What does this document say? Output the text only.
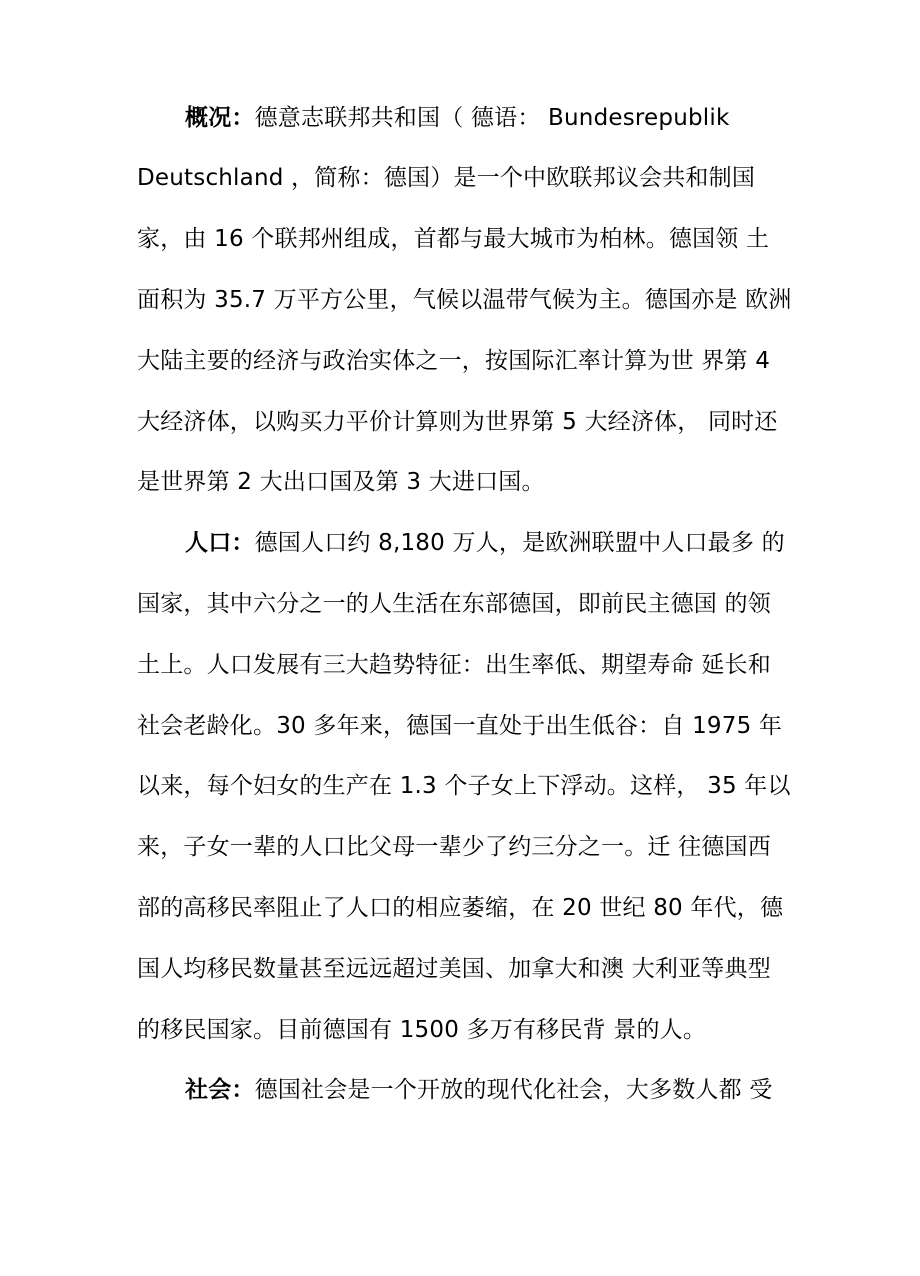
概况：德意志联邦共和国（ 德语： Bundesrepublik
Deutschland ，简称：德国）是一个中欧联邦议会共和制国
家，由 16 个联邦州组成，首都与最大城市为柏林。德国领 土
面积为 35.7 万平方公里，气候以温带气候为主。德国亦是 欧洲
大陆主要的经济与政治实体之一，按国际汇率计算为世 界第 4
大经济体，以购买力平价计算则为世界第 5 大经济体， 同时还
是世界第 2 大出口国及第 3 大进口国。
人口：德国人口约 8,180 万人，是欧洲联盟中人口最多 的
国家，其中六分之一的人生活在东部德国，即前民主德国 的领
土上。人口发展有三大趋势特征：出生率低、期望寿命 延长和
社会老龄化。30 多年来，德国一直处于出生低谷：自 1975 年
以来，每个妇女的生产在 1.3 个子女上下浮动。这样， 35 年以
来，子女一辈的人口比父母一辈少了约三分之一。迁 往德国西
部的高移民率阻止了人口的相应萎缩，在 20 世纪 80 年代，德
国人均移民数量甚至远远超过美国、加拿大和澳 大利亚等典型
的移民国家。目前德国有 1500 多万有移民背 景的人。
社会：德国社会是一个开放的现代化社会，大多数人都 受
